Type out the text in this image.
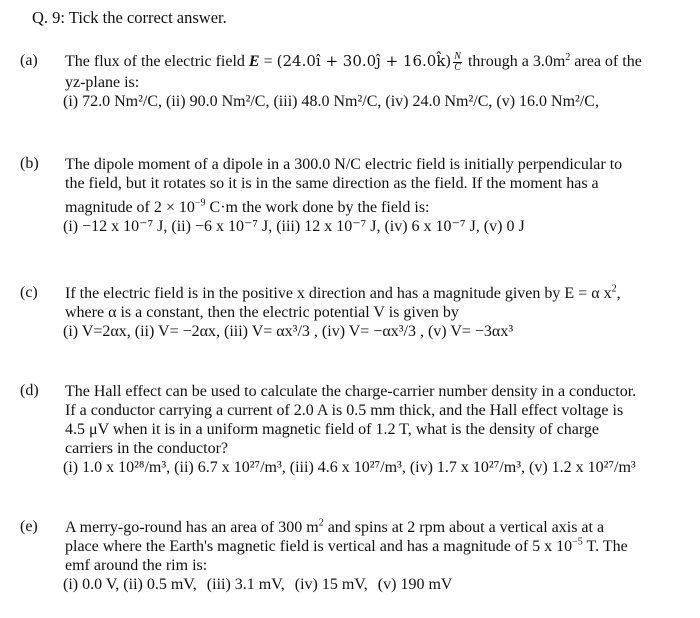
Q. 9: Tick the correct answer.
(a) The flux of the electric field E = (24.0î + 30.0ĵ + 16.0k̂) $\frac{N}{C}$ through a $3.0m^2$ area of the
yz-plane is:
(i) 72.0 Nm²/C, (ii) 90.0 Nm²/C, (iii) 48.0 Nm²/C, (iv) 24.0 Nm²/C, (v) 16.0 Nm²/C,
(b) The dipole moment of a dipole in a 300.0 N/C electric field is initially perpendicular to
the field, but it rotates so it is in the same direction as the field. If the moment has a
magnitude of $2 \times 10^{-9}$ C·m the work done by the field is:
(i) −12 x 10⁻⁷ J, (ii) −6 x 10⁻⁷ J, (iii) 12 x 10⁻⁷ J, (iv) 6 x 10⁻⁷ J, (v) 0 J
(c) If the electric field is in the positive x direction and has a magnitude given by E = α $x^2$,
where α is a constant, then the electric potential V is given by
(i) V=2αx, (ii) V= −2αx, (iii) V= αx³/3 , (iv) V= −αx³/3 , (v) V= −3αx³
(d) The Hall effect can be used to calculate the charge-carrier number density in a conductor.
If a conductor carrying a current of 2.0 A is 0.5 mm thick, and the Hall effect voltage is
4.5 μV when it is in a uniform magnetic field of 1.2 T, what is the density of charge
carriers in the conductor?
(i) 1.0 x 10²⁸/m³, (ii) 6.7 x 10²⁷/m³, (iii) 4.6 x 10²⁷/m³, (iv) 1.7 x 10²⁷/m³, (v) 1.2 x 10²⁷/m³
(e) A merry-go-round has an area of 300 $m^2$ and spins at 2 rpm about a vertical axis at a
place where the Earth's magnetic field is vertical and has a magnitude of 5 x $10^{-5}$ T. The
emf around the rim is:
(i) 0.0 V, (ii) 0.5 mV, (iii) 3.1 mV, (iv) 15 mV, (v) 190 mV
